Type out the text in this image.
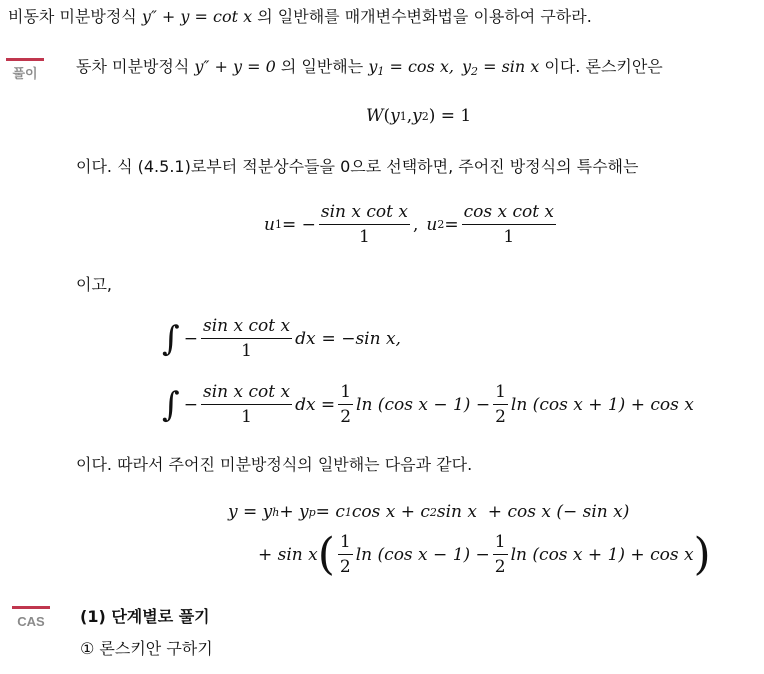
비동차 미분방정식 y″ + y = cot x 의 일반해를 매개변수변화법을 이용하여 구하라.
풀이	동차 미분방정식 y″ + y = 0 의 일반해는 $y_1 = \cos x$, $y_2 = \sin x$ 이다. 론스키안은
W ( y 1 , y 2 ) = 1
이다. 식 (4.5.1)로부터 적분상수들을 0으로 선택하면, 주어진 방정식의 특수해는
u 1 = − $\frac{\text{sin x cot x}}{1}$ , u $2 = \frac{\text{cos x cot x}}{1}$
이고,
∫ − $\frac{\text{sin x cot x}}{1}$ dx = −sin x,
∫ − $\frac{\text{sin x cot x}}{1}$ dx = $\frac{1}{2}$ ln (cos $x - 1) - \frac{1}{2}$ ln (cos x + 1) + cos x
이다. 따라서 주어진 미분방정식의 일반해는 다음과 같다.
y = y h + y p = c 1 cos x + c 2 sin x  + cos x (− sin x)
+ sin x ( $\frac{1}{2}$ ln (cos $x - 1) - \frac{1}{2}$ ln (cos x + 1) + cos x )
CAS	(1) 단계별로 풀기
① 론스키안 구하기
